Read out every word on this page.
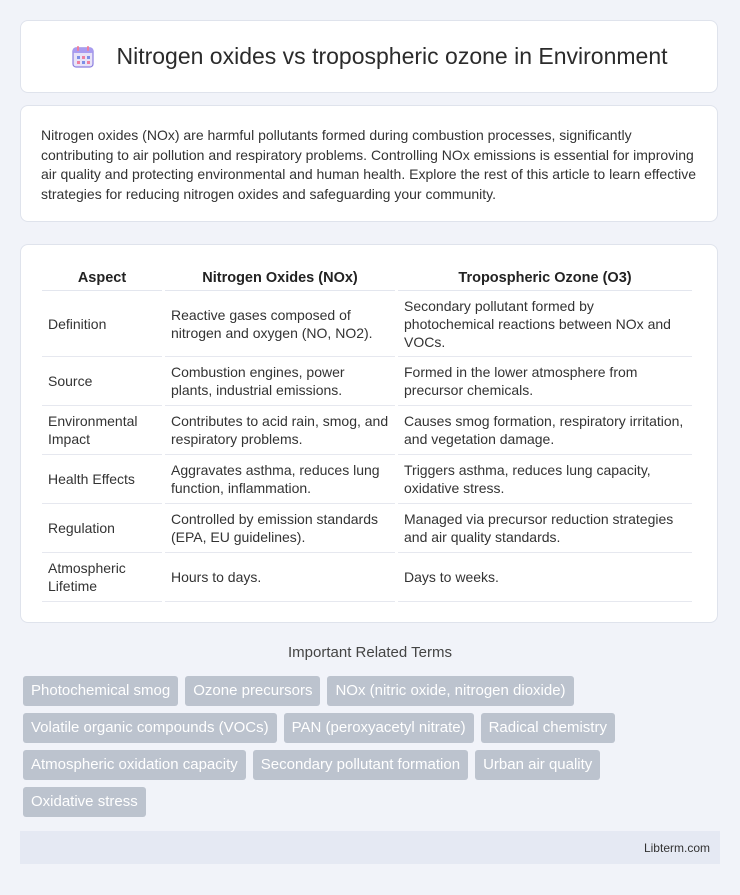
Nitrogen oxides vs tropospheric ozone in Environment

Nitrogen oxides (NOx) are harmful pollutants formed during combustion processes, significantly contributing to air pollution and respiratory problems. Controlling NOx emissions is essential for improving air quality and protecting environmental and human health. Explore the rest of this article to learn effective strategies for reducing nitrogen oxides and safeguarding your community.

Aspect	Nitrogen Oxides (NOx)	Tropospheric Ozone (O3)
Definition	Reactive gases composed of nitrogen and oxygen (NO, NO2).	Secondary pollutant formed by photochemical reactions between NOx and VOCs.
Source	Combustion engines, power plants, industrial emissions.	Formed in the lower atmosphere from precursor chemicals.
Environmental Impact	Contributes to acid rain, smog, and respiratory problems.	Causes smog formation, respiratory irritation, and vegetation damage.
Health Effects	Aggravates asthma, reduces lung function, inflammation.	Triggers asthma, reduces lung capacity, oxidative stress.
Regulation	Controlled by emission standards (EPA, EU guidelines).	Managed via precursor reduction strategies and air quality standards.
Atmospheric Lifetime	Hours to days.	Days to weeks.
Important Related Terms
Photochemical smog	Ozone precursors	NOx (nitric oxide, nitrogen dioxide)
Volatile organic compounds (VOCs)	PAN (peroxyacetyl nitrate)	Radical chemistry
Atmospheric oxidation capacity	Secondary pollutant formation	Urban air quality
Oxidative stress
Libterm.com
